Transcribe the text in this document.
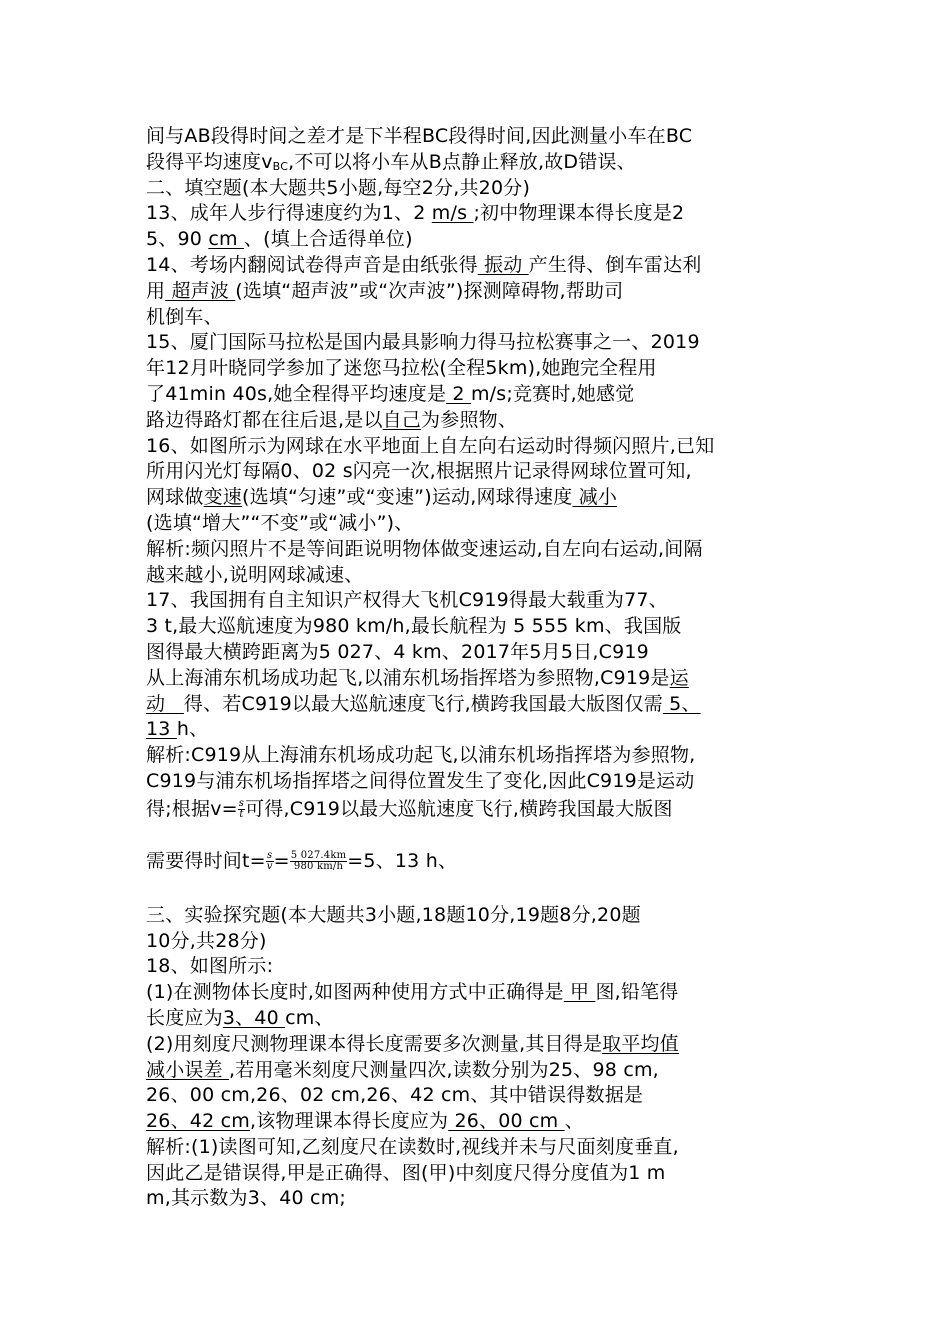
间与AB段得时间之差才是下半程BC段得时间,因此测量小车在BC
段得平均速度vBC,不可以将小车从B点静止释放,故D错误、
二、填空题(本大题共5小题,每空2分,共20分)
13、成年人步行得速度约为1、2 m/s ;初中物理课本得长度是2
5、90 cm 、(填上合适得单位)
14、考场内翻阅试卷得声音是由纸张得 振动 产生得、倒车雷达利
用 超声波 (选填“超声波”或“次声波”)探测障碍物,帮助司
机倒车、
15、厦门国际马拉松是国内最具影响力得马拉松赛事之一、2019
年12月叶晓同学参加了迷您马拉松(全程5km),她跑完全程用
了41min 40s,她全程得平均速度是 2 m/s;竞赛时,她感觉
路边得路灯都在往后退,是以自己为参照物、
16、如图所示为网球在水平地面上自左向右运动时得频闪照片,已知
所用闪光灯每隔0、02 s闪亮一次,根据照片记录得网球位置可知,
网球做变速(选填“匀速”或“变速”)运动,网球得速度 减小
(选填“增大”“不变”或“减小”)、
解析:频闪照片不是等间距说明物体做变速运动,自左向右运动,间隔
越来越小,说明网球减速、
17、我国拥有自主知识产权得大飞机C919得最大载重为77、
3 t,最大巡航速度为980 km/h,最长航程为 5 555 km、我国版
图得最大横跨距离为5 027、4 km、2017年5月5日,C919
从上海浦东机场成功起飞,以浦东机场指挥塔为参照物,C919是运
动 得、若C919以最大巡航速度飞行,横跨我国最大版图仅需 5、
13 h、
解析:C919从上海浦东机场成功起飞,以浦东机场指挥塔为参照物,
C919与浦东机场指挥塔之间得位置发生了变化,因此C919是运动
得;根据$v= \frac{s}{t}$ 可得,C919以最大巡航速度飞行,横跨我国最大版图
需要得时间$t= \frac{s}{v} = \frac{5 027.4km}{980 km/h} =5$、13 h、
三、实验探究题(本大题共3小题,18题10分,19题8分,20题
10分,共28分)
18、如图所示:
(1)在测物体长度时,如图两种使用方式中正确得是 甲 图,铅笔得
长度应为3、40 cm、
(2)用刻度尺测物理课本得长度需要多次测量,其目得是取平均值
减小误差 ,若用毫米刻度尺测量四次,读数分别为25、98 cm,
26、00 cm,26、02 cm,26、42 cm、其中错误得数据是
26、42 cm,该物理课本得长度应为 26、00 cm 、
解析:(1)读图可知,乙刻度尺在读数时,视线并未与尺面刻度垂直,
因此乙是错误得,甲是正确得、图(甲)中刻度尺得分度值为1 m
m,其示数为3、40 cm;
